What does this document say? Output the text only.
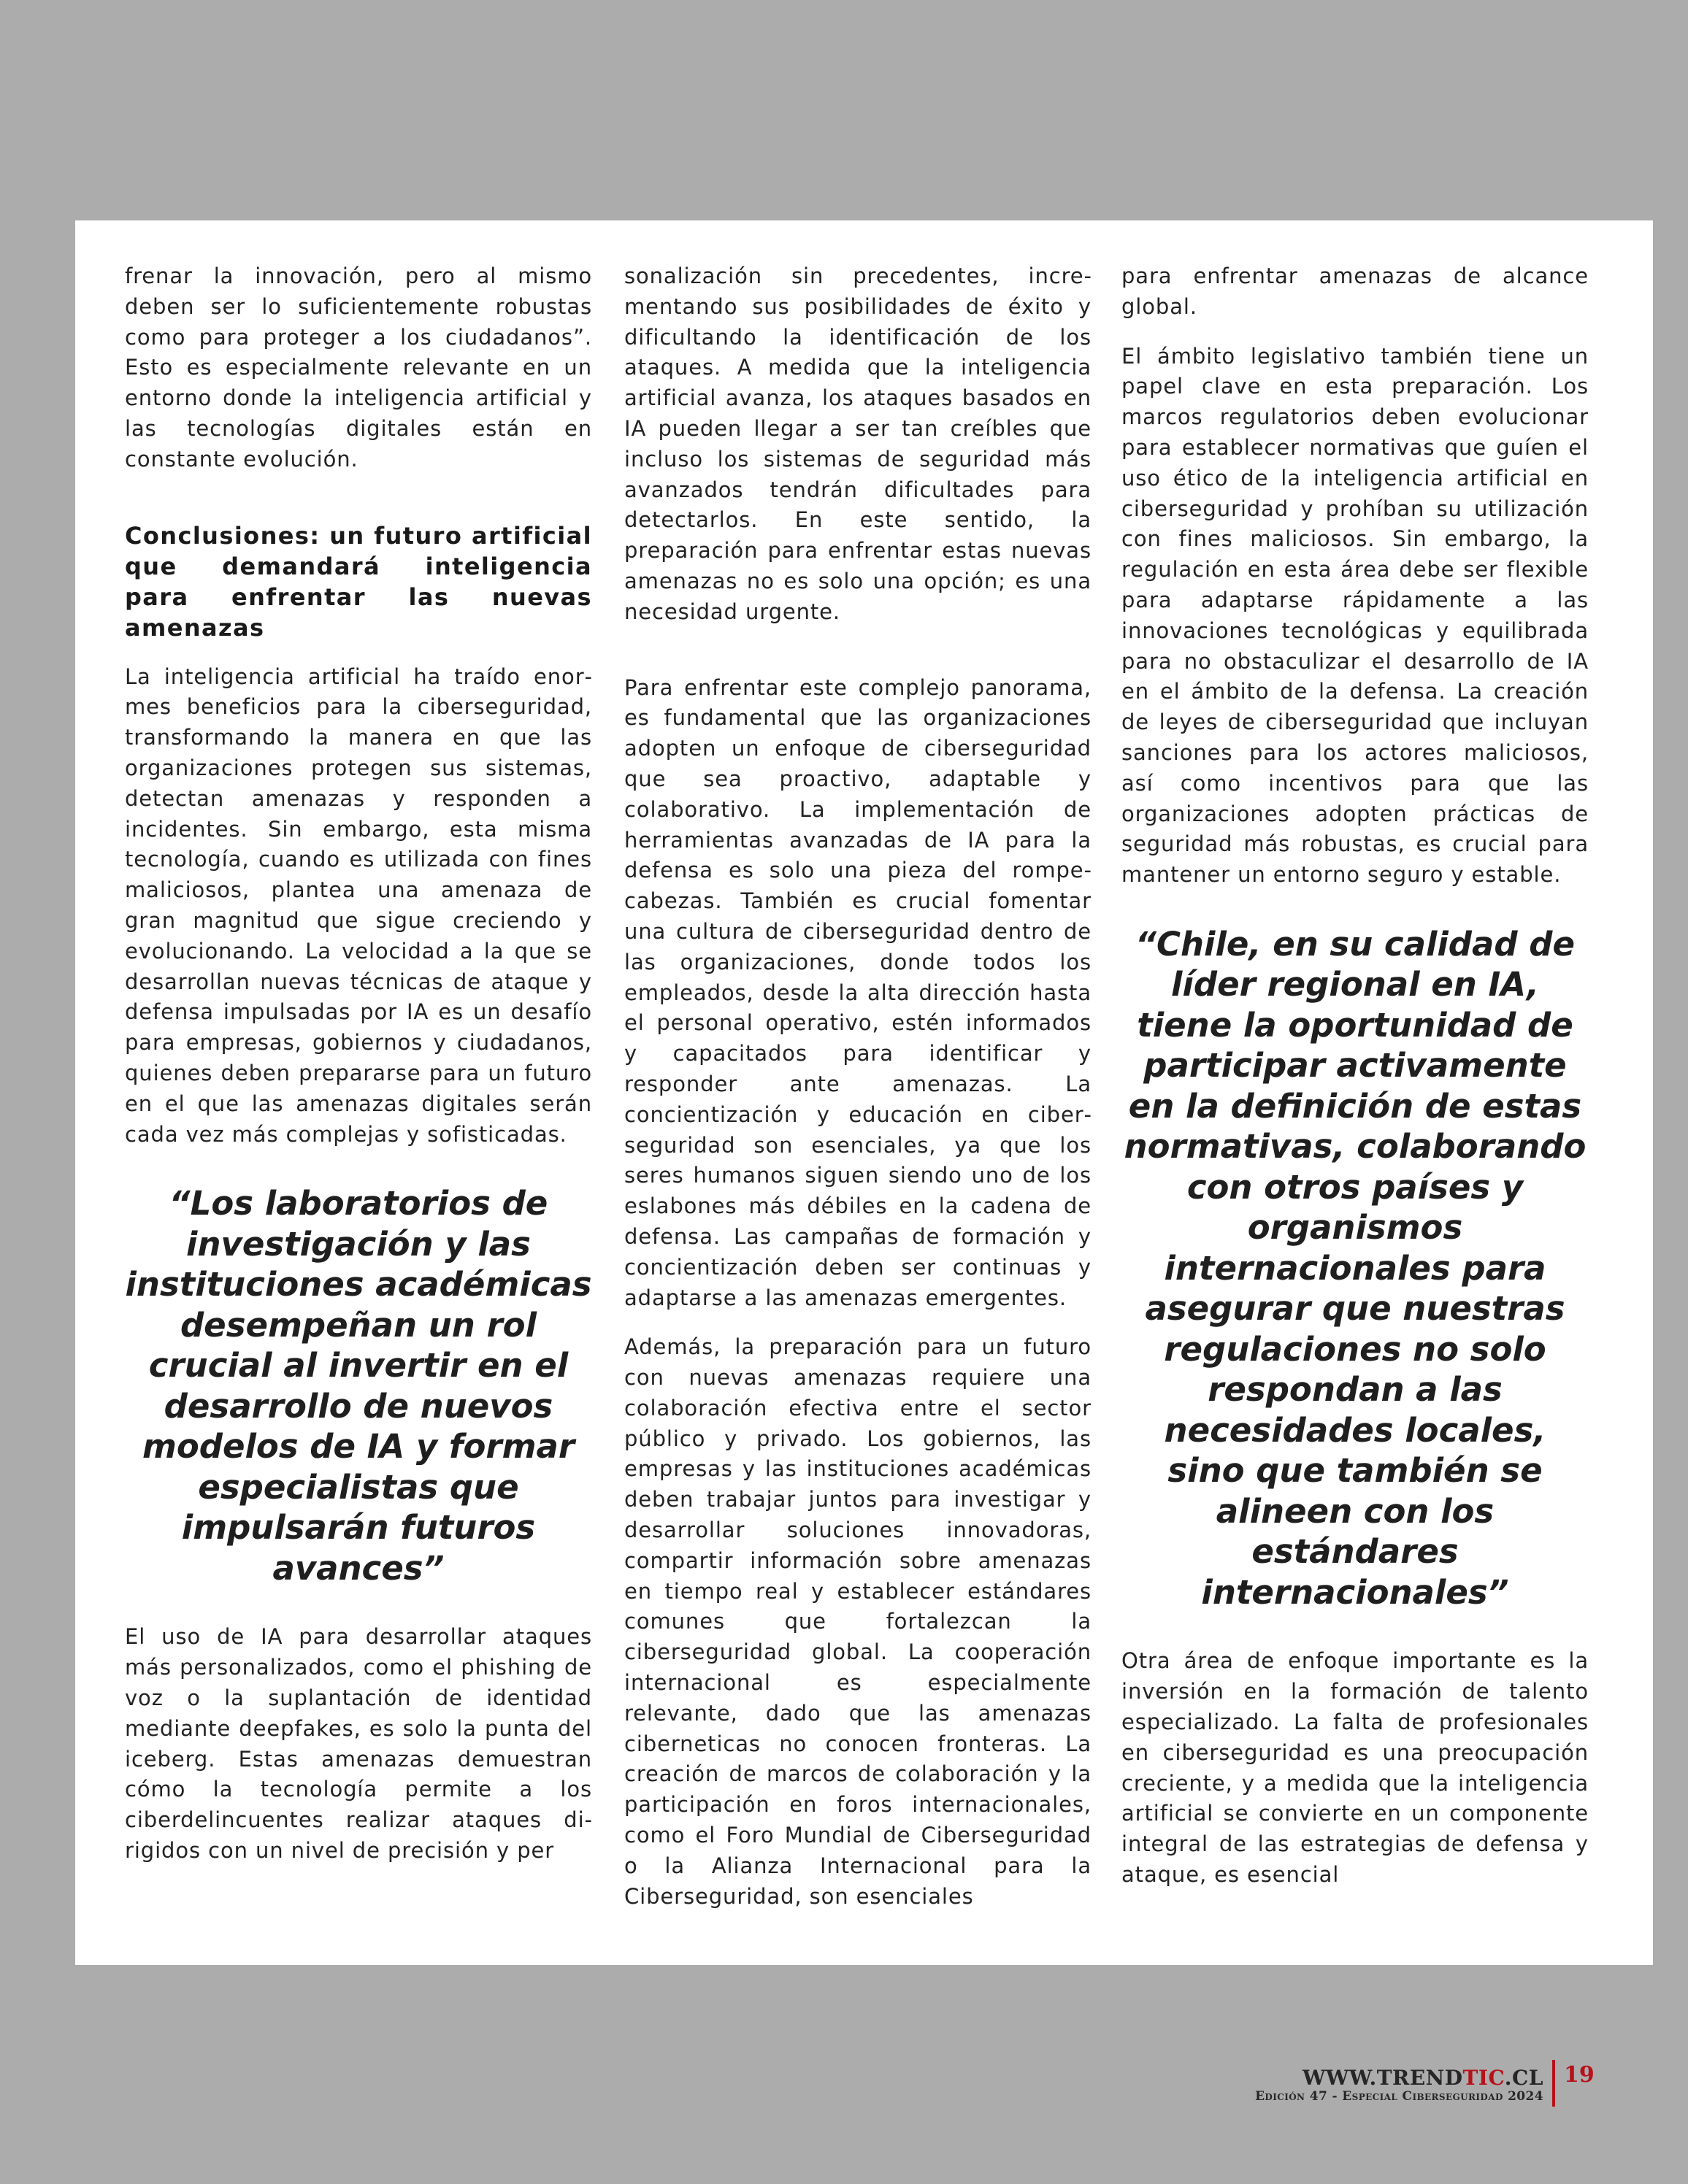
frenar la innovación, pero al mismo deben ser lo suficientemente robustas como para proteger a los ciudadanos”. Esto es especialmente relevante en un entorno donde la inteligencia artificial y las tecnologías digitales están en constante evolución.

Conclusiones: un futuro artificial que demandará inteligencia para enfrentar las nuevas amenazas

La inteligencia artificial ha traído enormes beneficios para la ciberseguridad, transformando la manera en que las organizaciones protegen sus sistemas, detectan amenazas y responden a incidentes. Sin embargo, esta misma tecnología, cuando es utilizada con fines maliciosos, plantea una amenaza de gran magnitud que sigue creciendo y evolucionando. La velocidad a la que se desarrollan nuevas técnicas de ataque y defensa impulsadas por IA es un desafío para empresas, gobiernos y ciudadanos, quienes deben prepararse para un futuro en el que las amenazas digitales serán cada vez más complejas y sofisticadas.

“Los laboratorios de investigación y las instituciones académicas desempeñan un rol crucial al invertir en el desarrollo de nuevos modelos de IA y formar especialistas que impulsarán futuros avances”

El uso de IA para desarrollar ataques más personalizados, como el phishing de voz o la suplantación de identidad mediante deepfakes, es solo la punta del iceberg. Estas amenazas demuestran cómo la tecnología permite a los ciberdelincuentes realizar ataques dirigidos con un nivel de precisión y per

sonalización sin precedentes, incrementando sus posibilidades de éxito y dificultando la identificación de los ataques. A medida que la inteligencia artificial avanza, los ataques basados en IA pueden llegar a ser tan creíbles que incluso los sistemas de seguridad más avanzados tendrán dificultades para detectarlos. En este sentido, la preparación para enfrentar estas nuevas amenazas no es solo una opción; es una necesidad urgente.

Para enfrentar este complejo panorama, es fundamental que las organizaciones adopten un enfoque de ciberseguridad que sea proactivo, adaptable y colaborativo. La implementación de herramientas avanzadas de IA para la defensa es solo una pieza del rompecabezas. También es crucial fomentar una cultura de ciberseguridad dentro de las organizaciones, donde todos los empleados, desde la alta dirección hasta el personal operativo, estén informados y capacitados para identificar y responder ante amenazas. La concientización y educación en ciberseguridad son esenciales, ya que los seres humanos siguen siendo uno de los eslabones más débiles en la cadena de defensa. Las campañas de formación y concientización deben ser continuas y adaptarse a las amenazas emergentes.

Además, la preparación para un futuro con nuevas amenazas requiere una colaboración efectiva entre el sector público y privado. Los gobiernos, las empresas y las instituciones académicas deben trabajar juntos para investigar y desarrollar soluciones innovadoras, compartir información sobre amenazas en tiempo real y establecer estándares comunes que fortalezcan la ciberseguridad global. La cooperación internacional es especialmente relevante, dado que las amenazas ciberneticas no conocen fronteras. La creación de marcos de colaboración y la participación en foros internacionales, como el Foro Mundial de Ciberseguridad o la Alianza Internacional para la Ciberseguridad, son esenciales

para enfrentar amenazas de alcance global.

El ámbito legislativo también tiene un papel clave en esta preparación. Los marcos regulatorios deben evolucionar para establecer normativas que guíen el uso ético de la inteligencia artificial en ciberseguridad y prohíban su utilización con fines maliciosos. Sin embargo, la regulación en esta área debe ser flexible para adaptarse rápidamente a las innovaciones tecnológicas y equilibrada para no obstaculizar el desarrollo de IA en el ámbito de la defensa. La creación de leyes de ciberseguridad que incluyan sanciones para los actores maliciosos, así como incentivos para que las organizaciones adopten prácticas de seguridad más robustas, es crucial para mantener un entorno seguro y estable.

“Chile, en su calidad de líder regional en IA, tiene la oportunidad de participar activamente en la definición de estas normativas, colaborando con otros países y organismos internacionales para asegurar que nuestras regulaciones no solo respondan a las necesidades locales, sino que también se alineen con los estándares internacionales”

Otra área de enfoque importante es la inversión en la formación de talento especializado. La falta de profesionales en ciberseguridad es una preocupación creciente, y a medida que la inteligencia artificial se convierte en un componente integral de las estrategias de defensa y ataque, es esencial

WWW.TRENDTIC.CL
Edición 47 - Especial Ciberseguridad 2024
19
